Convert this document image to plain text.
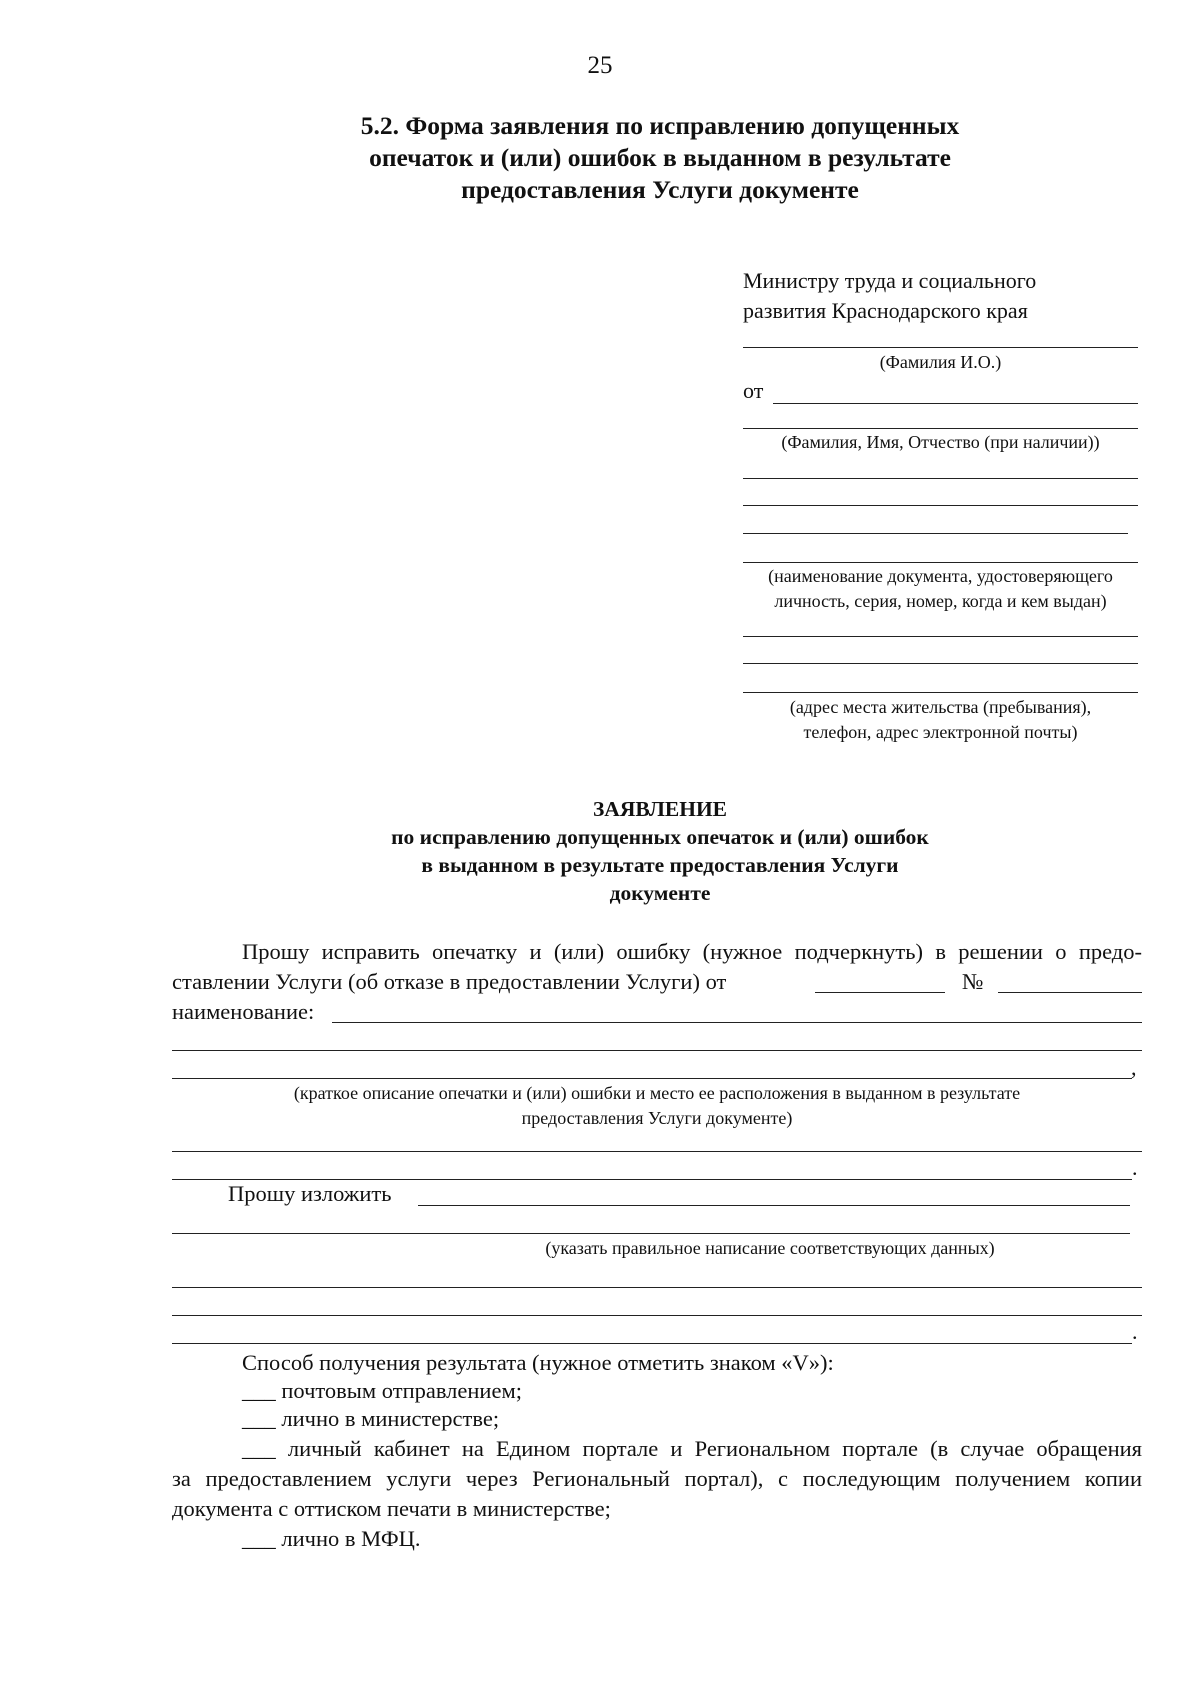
25
5.2. Форма заявления по исправлению допущенных
опечаток и (или) ошибок в выданном в результате
предоставления Услуги документе
Министру труда и социального
развития Краснодарского края
(Фамилия И.О.)
от
(Фамилия, Имя, Отчество (при наличии))
(наименование документа, удостоверяющего
личность, серия, номер, когда и кем выдан)
(адрес места жительства (пребывания),
телефон, адрес электронной почты)
ЗАЯВЛЕНИЕ
по исправлению допущенных опечаток и (или) ошибок
в выданном в результате предоставления Услуги
документе
Прошу исправить опечатку и (или) ошибку (нужное подчеркнуть) в решении о предо-
ставлении Услуги (об отказе в предоставлении Услуги) от	№
наименование:
,
(краткое описание опечатки и (или) ошибки и место ее расположения в выданном в результате
предоставления Услуги документе)
.
Прошу изложить
(указать правильное написание соответствующих данных)
.
Способ получения результата (нужное отметить знаком «V»):
___ почтовым отправлением;
___ лично в министерстве;
___ личный кабинет на Едином портале и Региональном портале (в случае обращения
за предоставлением услуги через Региональный портал), с последующим получением копии
документа с оттиском печати в министерстве;
___ лично в МФЦ.
